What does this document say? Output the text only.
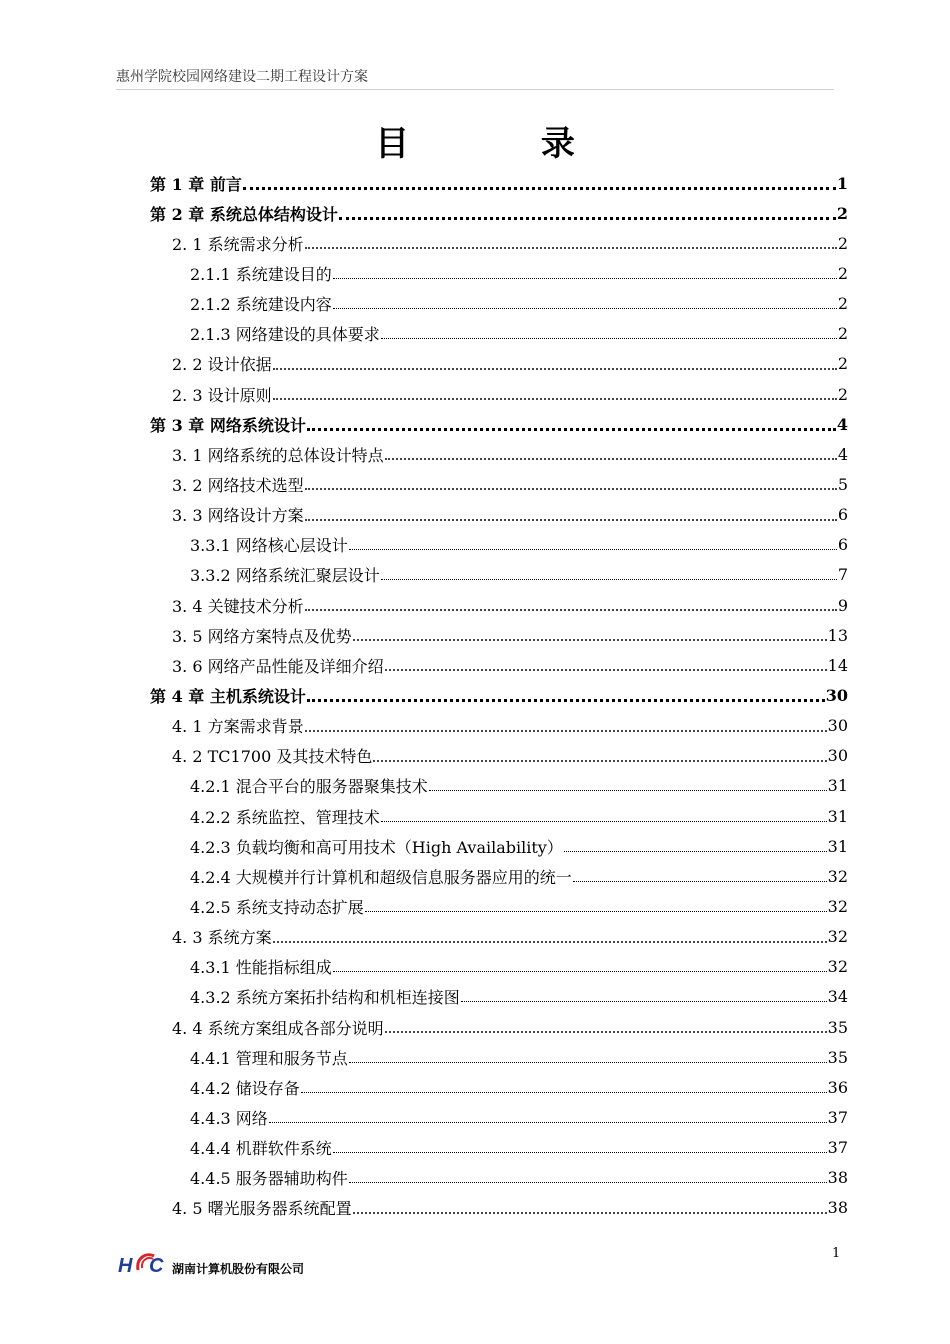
惠州学院校园网络建设二期工程设计方案
目 录
第 1 章 前言	1
第 2 章 系统总体结构设计	2
2. 1 系统需求分析	2
2.1.1 系统建设目的	2
2.1.2 系统建设内容	2
2.1.3 网络建设的具体要求	2
2. 2 设计依据	2
2. 3 设计原则	2
第 3 章 网络系统设计	4
3. 1 网络系统的总体设计特点	4
3. 2 网络技术选型	5
3. 3 网络设计方案	6
3.3.1 网络核心层设计	6
3.3.2 网络系统汇聚层设计	7
3. 4 关键技术分析	9
3. 5 网络方案特点及优势	13
3. 6 网络产品性能及详细介绍	14
第 4 章 主机系统设计	30
4. 1 方案需求背景	30
4. 2 TC1700 及其技术特色	30
4.2.1 混合平台的服务器聚集技术	31
4.2.2 系统监控、管理技术	31
4.2.3 负载均衡和高可用技术（High Availability）	31
4.2.4 大规模并行计算机和超级信息服务器应用的统一	32
4.2.5 系统支持动态扩展	32
4. 3 系统方案	32
4.3.1 性能指标组成	32
4.3.2 系统方案拓扑结构和机柜连接图	34
4. 4 系统方案组成各部分说明	35
4.4.1 管理和服务节点	35
4.4.2 储设存备	36
4.4.3 网络	37
4.4.4 机群软件系统	37
4.4.5 服务器辅助构件	38
4. 5 曙光服务器系统配置	38
H C 湖南计算机股份有限公司
1
